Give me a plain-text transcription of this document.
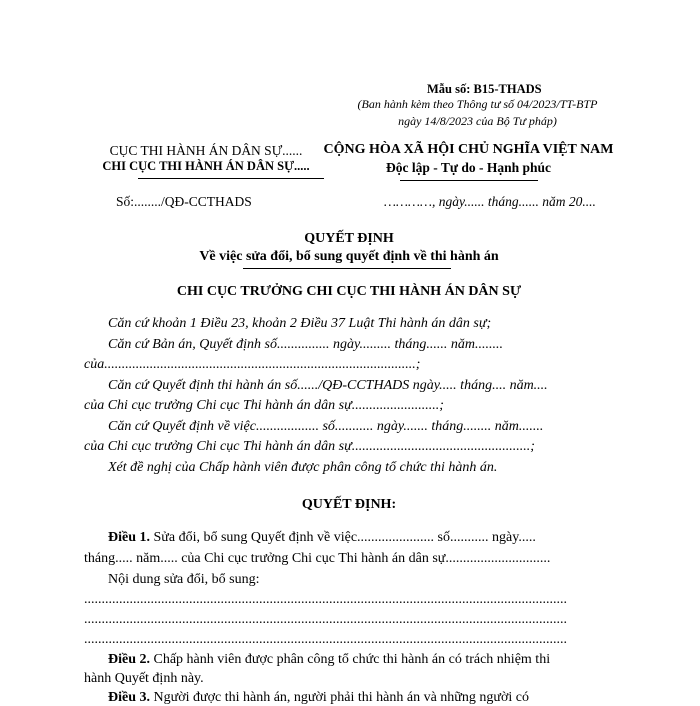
Mẫu số: B15-THADS
(Ban hành kèm theo Thông tư số 04/2023/TT-BTP
ngày 14/8/2023 của Bộ Tư pháp)
CỤC THI HÀNH ÁN DÂN SỰ......
CHI CỤC THI HÀNH ÁN DÂN SỰ.....
CỘNG HÒA XÃ HỘI CHỦ NGHĨA VIỆT NAM
Độc lập - Tự do - Hạnh phúc
Số:......../QĐ-CCTHADS	…………, ngày...... tháng...... năm 20....
QUYẾT ĐỊNH
Về việc sửa đổi, bổ sung quyết định về thi hành án
CHI CỤC TRƯỞNG CHI CỤC THI HÀNH ÁN DÂN SỰ
Căn cứ khoản 1 Điều 23, khoản 2 Điều 37 Luật Thi hành án dân sự;
Căn cứ Bản án, Quyết định số............... ngày......... tháng...... năm........
của.........................................................................................;
Căn cứ Quyết định thi hành án số....../QĐ-CCTHADS ngày..... tháng.... năm....
của Chi cục trưởng Chi cục Thi hành án dân sự.........................;
Căn cứ Quyết định về việc.................. số........... ngày....... tháng........ năm.......
của Chi cục trưởng Chi cục Thi hành án dân sự...................................................;
Xét đề nghị của Chấp hành viên được phân công tổ chức thi hành án.
QUYẾT ĐỊNH:
Điều 1. Sửa đổi, bổ sung Quyết định về việc...................... số........... ngày.....
tháng..... năm..... của Chi cục trưởng Chi cục Thi hành án dân sự..............................
Nội dung sửa đổi, bổ sung:
..........................................................................................................................................
..........................................................................................................................................
..........................................................................................................................................
Điều 2. Chấp hành viên được phân công tổ chức thi hành án có trách nhiệm thi
hành Quyết định này.
Điều 3. Người được thi hành án, người phải thi hành án và những người có
